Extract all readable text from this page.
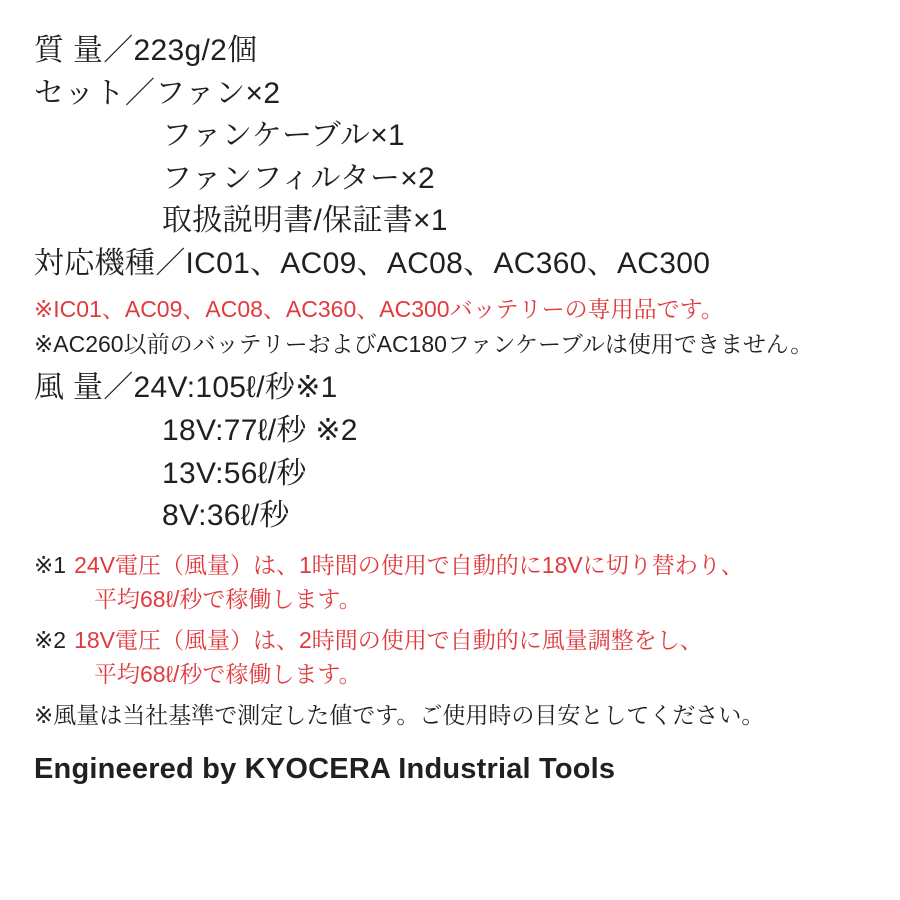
質 量／223g/2個
セット／ファン×2
ファンケーブル×1
ファンフィルター×2
取扱説明書/保証書×1
対応機種／IC01、AC09、AC08、AC360、AC300
※IC01、AC09、AC08、AC360、AC300バッテリーの専用品です。
※AC260以前のバッテリーおよびAC180ファンケーブルは使用できません。
風 量／24V:105ℓ/秒※1
18V:77ℓ/秒 ※2
13V:56ℓ/秒
8V:36ℓ/秒
※1 24V電圧（風量）は、1時間の使用で自動的に18Vに切り替わり、
平均68ℓ/秒で稼働します。
※2 18V電圧（風量）は、2時間の使用で自動的に風量調整をし、
平均68ℓ/秒で稼働します。
※風量は当社基準で測定した値です。ご使用時の目安としてください。
Engineered by KYOCERA Industrial Tools
